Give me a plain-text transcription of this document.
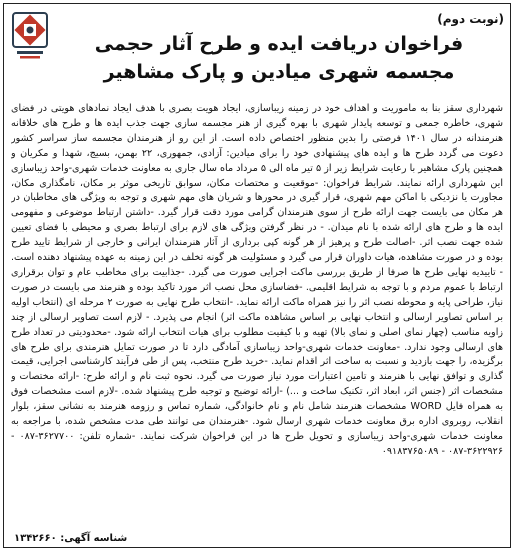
(نوبت دوم)
فراخوان دریافت ایده و طرح آثار حجمی
مجسمه شهری میادین و پارک مشاهیر

شهرداری سقز بنا به ماموریت و اهداف خود در زمینه زیباسازی، ایجاد هویت بصری با هدف ایجاد نمادهای هویتی در فضای شهری، خاطره جمعی و توسعه پایدار شهری با بهره گیری از هنر مجسمه سازی جهت جذب ایده ها و طرح های خلاقانه هنرمندانه در سال ۱۴۰۱ فرصتی را بدین منظور اختصاص داده است. از این رو از هنرمندان مجسمه ساز سراسر کشور دعوت می گردد طرح ها و ایده های پیشنهادی خود را برای میادین: آزادی، جمهوری، ۲۲ بهمن، بسیج، شهدا و مکریان و همچنین پارک مشاهیر با رعایت شرایط زیر از ۵ تیر ماه الی ۵ مرداد ماه سال جاری به معاونت خدمات شهری-واحد زیباسازی این شهرداری ارائه نمایند. شرایط فراخوان: -موقعیت و مختصات مکان، سوابق تاریخی موثر بر مکان، نامگذاری مکان، مجاورت یا نزدیکی با اماکن مهم شهری، قرار گیری در محورها و شریان های مهم شهری و توجه به ویژگی های مخاطبان در هر مکان می بایست جهت ارائه طرح از سوی هنرمندان گرامی مورد دقت قرار گیرد. -داشتن ارتباط موضوعی و مفهومی ایده ها و طرح های ارائه شده با نام میدان. - در نظر گرفتن ویژگی های لازم برای ارتباط بصری و محیطی با فضای تعیین شده جهت نصب اثر. -اصالت طرح و پرهیز از هر گونه کپی برداری از آثار هنرمندان ایرانی و خارجی از شرایط تایید طرح بوده و در صورت مشاهده، هیات داوران قرار می گیرد و مسئولیت هر گونه تخلف در این زمینه به عهده پیشنهاد دهنده است. - تاییدیه نهایی طرح ها صرفا از طریق بررسی ماکت اجرایی صورت می گیرد. -جذابیت برای مخاطب عام و توان برقراری ارتباط با عموم مردم و با توجه به شرایط اقلیمی. -فضاسازی محل نصب اثر مورد تاکید بوده و هنرمند می بایست در صورت نیاز، طراحی پایه و محوطه نصب اثر را نیز همراه ماکت ارائه نماید. -انتخاب طرح نهایی به صورت ۲ مرحله ای (انتخاب اولیه بر اساس تصاویر ارسالی و انتخاب نهایی بر اساس مشاهده ماکت اثر) انجام می پذیرد. - لازم است تصاویر ارسالی از چند زاویه مناسب (چهار نمای اصلی و نمای بالا) تهیه و با کیفیت مطلوب برای هیات انتخاب ارائه شود. -محدودیتی در تعداد طرح های ارسالی وجود ندارد. -معاونت خدمات شهری-واحد زیباسازی آمادگی دارد تا در صورت تمایل هنرمندی برای طرح های برگزیده، را جهت بازدید و نسبت به ساخت اثر اقدام نماید. -خرید طرح منتخب، پس از طی فرآیند کارشناسی اجرایی، قیمت گذاری و توافق نهایی با هنرمند و تامین اعتبارات مورد نیاز صورت می گیرد. نحوه ثبت نام و ارائه طرح: -ارائه مختصات و مشخصات اثر (جنس اثر، ابعاد اثر، تکنیک ساخت و ...) -ارائه توضیح و توجیه طرح پیشنهاد شده. -لازم است مشخصات فوق به همراه فایل WORD مشخصات هنرمند شامل نام و نام خانوادگی، شماره تماس و رزومه هنرمند به نشانی سقز، بلوار انقلاب، روبروی اداره برق معاونت خدمات شهری ارسال شود. -هنرمندان می توانند طی مدت مشخص شده، با مراجعه به معاونت خدمات شهری-واحد زیباسازی و تحویل طرح ها در این فراخوان شرکت نمایند. -شماره تلفن: ۳۶۲۷۷۰۰-۰۸۷ - ۳۶۲۲۹۲۶-۰۸۷ - ۰۹۱۸۳۷۶۵۰۸۹

شناسه آگهی: ۱۳۴۲۶۶۰
